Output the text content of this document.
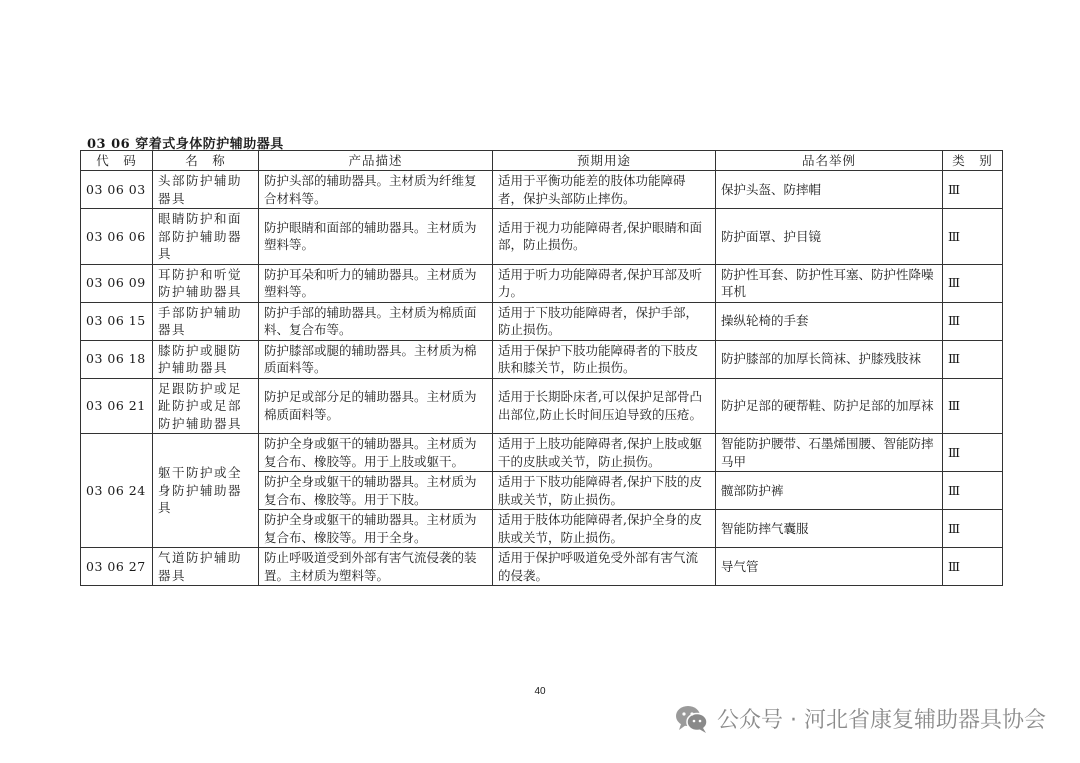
03 06 穿着式身体防护辅助器具
代　码	名　称	产品描述	预期用途	品名举例	类　别
03 06 03	头部防护辅助器具	防护头部的辅助器具。主材质为纤维复合材料等。	适用于平衡功能差的肢体功能障碍者，保护头部防止摔伤。	保护头盔、防摔帽	Ⅲ
03 06 06	眼睛防护和面部防护辅助器具	防护眼睛和面部的辅助器具。主材质为塑料等。	适用于视力功能障碍者,保护眼睛和面部，防止损伤。	防护面罩、护目镜	Ⅲ
03 06 09	耳防护和听觉防护辅助器具	防护耳朵和听力的辅助器具。主材质为塑料等。	适用于听力功能障碍者,保护耳部及听力。	防护性耳套、防护性耳塞、防护性降噪耳机	Ⅲ
03 06 15	手部防护辅助器具	防护手部的辅助器具。主材质为棉质面料、复合布等。	适用于下肢功能障碍者，保护手部，防止损伤。	操纵轮椅的手套	Ⅲ
03 06 18	膝防护或腿防护辅助器具	防护膝部或腿的辅助器具。主材质为棉质面料等。	适用于保护下肢功能障碍者的下肢皮肤和膝关节，防止损伤。	防护膝部的加厚长筒袜、护膝残肢袜	Ⅲ
03 06 21	足跟防护或足趾防护或足部防护辅助器具	防护足或部分足的辅助器具。主材质为棉质面料等。	适用于长期卧床者,可以保护足部骨凸出部位,防止长时间压迫导致的压疮。	防护足部的硬帮鞋、防护足部的加厚袜	Ⅲ
03 06 24	躯干防护或全身防护辅助器具	防护全身或躯干的辅助器具。主材质为复合布、橡胶等。用于上肢或躯干。	适用于上肢功能障碍者,保护上肢或躯干的皮肤或关节，防止损伤。	智能防护腰带、石墨烯围腰、智能防摔马甲	Ⅲ
		防护全身或躯干的辅助器具。主材质为复合布、橡胶等。用于下肢。	适用于下肢功能障碍者,保护下肢的皮肤或关节，防止损伤。	髋部防护裤	Ⅲ
		防护全身或躯干的辅助器具。主材质为复合布、橡胶等。用于全身。	适用于肢体功能障碍者,保护全身的皮肤或关节，防止损伤。	智能防摔气囊服	Ⅲ
03 06 27	气道防护辅助器具	防止呼吸道受到外部有害气流侵袭的装置。主材质为塑料等。	适用于保护呼吸道免受外部有害气流的侵袭。	导气管	Ⅲ
40
公众号 · 河北省康复辅助器具协会
